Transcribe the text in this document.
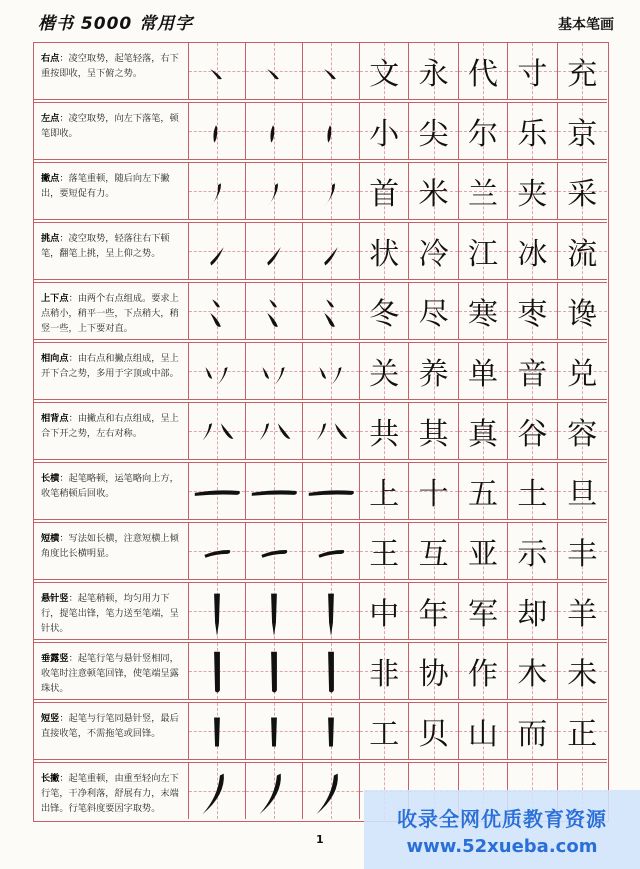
楷书 5000 常用字	基本笔画
右点：凌空取势，起笔轻落，右下重按即收，呈下俯之势。	文 永 代 寸 充
左点：凌空取势，向左下落笔，顿笔即收。	小 尖 尔 乐 京
撇点：落笔重顿，随后向左下撇出，要短促有力。	首 米 兰 夹 采
挑点：凌空取势，轻落往右下顿笔，翻笔上挑，呈上仰之势。	状 冷 江 冰 流
上下点：由两个右点组成。要求上点稍小，稍平一些，下点稍大，稍竖一些，上下要对直。	冬 尽 寒 枣 谗
相向点：由右点和撇点组成，呈上开下合之势，多用于字顶或中部。	关 养 单 音 兑
相背点：由撇点和右点组成，呈上合下开之势，左右对称。	共 其 真 谷 容
长横：起笔略顿，运笔略向上方，收笔稍顿后回收。	上 十 五 土 旦
短横：写法如长横，注意短横上倾角度比长横明显。	王 互 亚 示 丰
悬针竖：起笔稍顿，均匀用力下行，提笔出锋，笔力送至笔端，呈针状。	中 年 军 却 羊
垂露竖：起笔行笔与悬针竖相同，收笔时注意顿笔回锋，使笔端呈露珠状。	非 协 作 木 未
短竖：起笔与行笔同悬针竖，最后直接收笔，不需拖笔或回锋。	工 贝 山 而 正
长撇：起笔重顿，由重至轻向左下行笔，干净利落，舒展有力，末端出锋。行笔斜度要因字取势。
1
收录全网优质教育资源
www.52xueba.com
